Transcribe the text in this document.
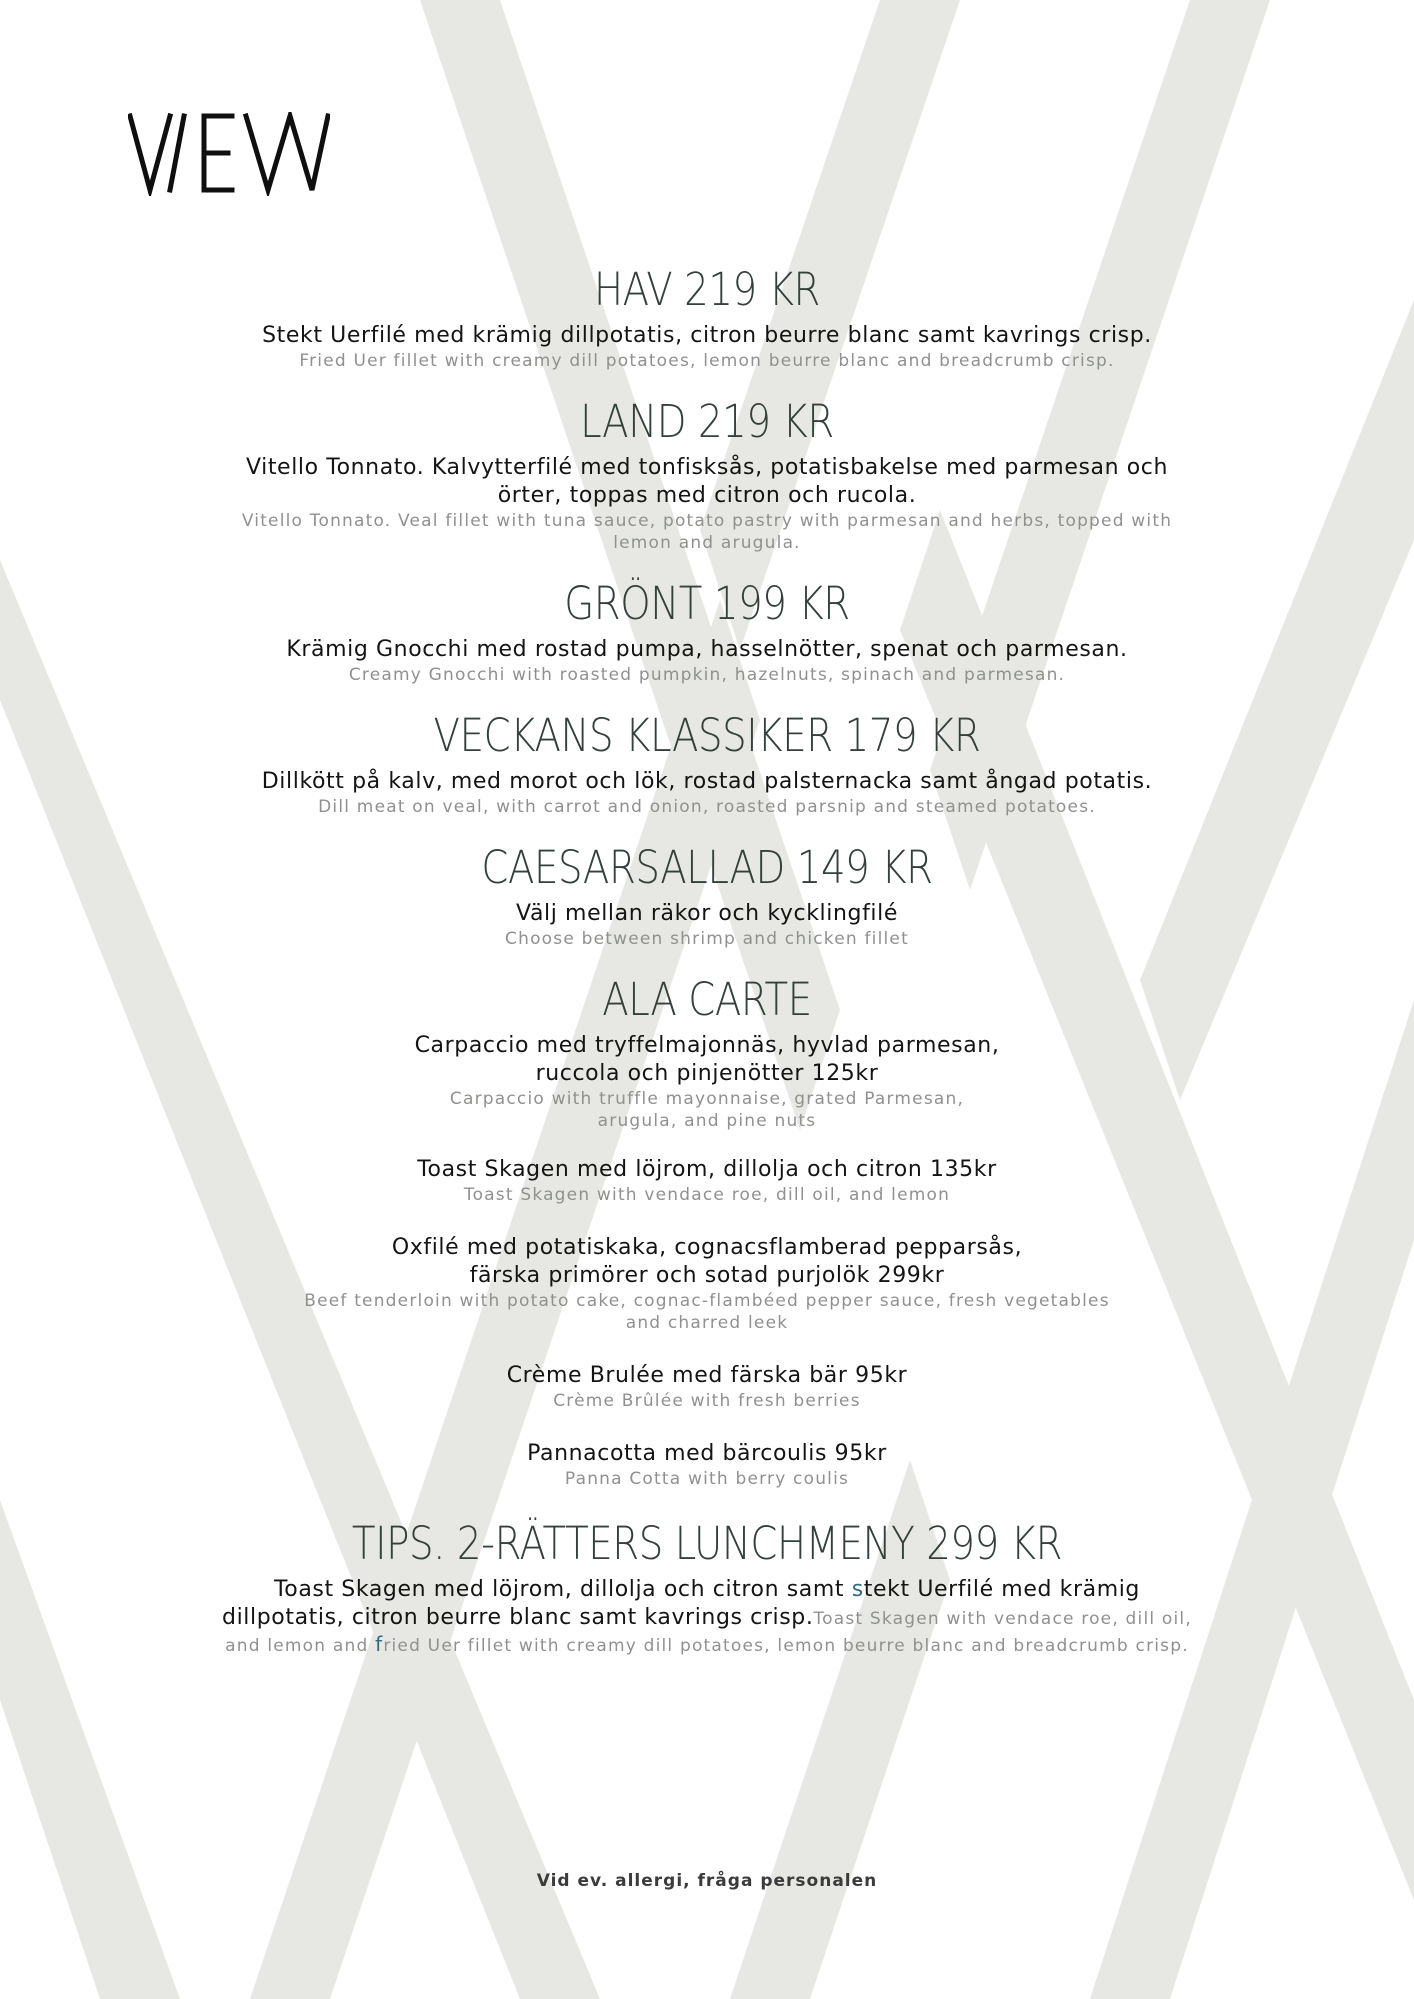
HAV 219 KR
Stekt Uerfilé med krämig dillpotatis, citron beurre blanc samt kavrings crisp.
Fried Uer fillet with creamy dill potatoes, lemon beurre blanc and breadcrumb crisp.
LAND 219 KR
Vitello Tonnato. Kalvytterfilé med tonfisksås, potatisbakelse med parmesan och
örter, toppas med citron och rucola.
Vitello Tonnato. Veal fillet with tuna sauce, potato pastry with parmesan and herbs, topped with
lemon and arugula.
GRÖNT 199 KR
Krämig Gnocchi med rostad pumpa, hasselnötter, spenat och parmesan.
Creamy Gnocchi with roasted pumpkin, hazelnuts, spinach and parmesan.
VECKANS KLASSIKER 179 KR
Dillkött på kalv, med morot och lök, rostad palsternacka samt ångad potatis.
Dill meat on veal, with carrot and onion, roasted parsnip and steamed potatoes.
CAESARSALLAD 149 KR
Välj mellan räkor och kycklingfilé
Choose between shrimp and chicken fillet
ALA CARTE
Carpaccio med tryffelmajonnäs, hyvlad parmesan,
ruccola och pinjenötter 125kr
Carpaccio with truffle mayonnaise, grated Parmesan,
arugula, and pine nuts
Toast Skagen med löjrom, dillolja och citron 135kr
Toast Skagen with vendace roe, dill oil, and lemon
Oxfilé med potatiskaka, cognacsflamberad pepparsås,
färska primörer och sotad purjolök 299kr
Beef tenderloin with potato cake, cognac-flambéed pepper sauce, fresh vegetables
and charred leek
Crème Brulée med färska bär 95kr
Crème Brûlée with fresh berries
Pannacotta med bärcoulis 95kr
Panna Cotta with berry coulis
TIPS. 2-RÄTTERS LUNCHMENY 299 KR
Toast Skagen med löjrom, dillolja och citron samt stekt Uerfilé med krämig
dillpotatis, citron beurre blanc samt kavrings crisp.Toast Skagen with vendace roe, dill oil,
and lemon and fried Uer fillet with creamy dill potatoes, lemon beurre blanc and breadcrumb crisp.
Vid ev. allergi, fråga personalen
